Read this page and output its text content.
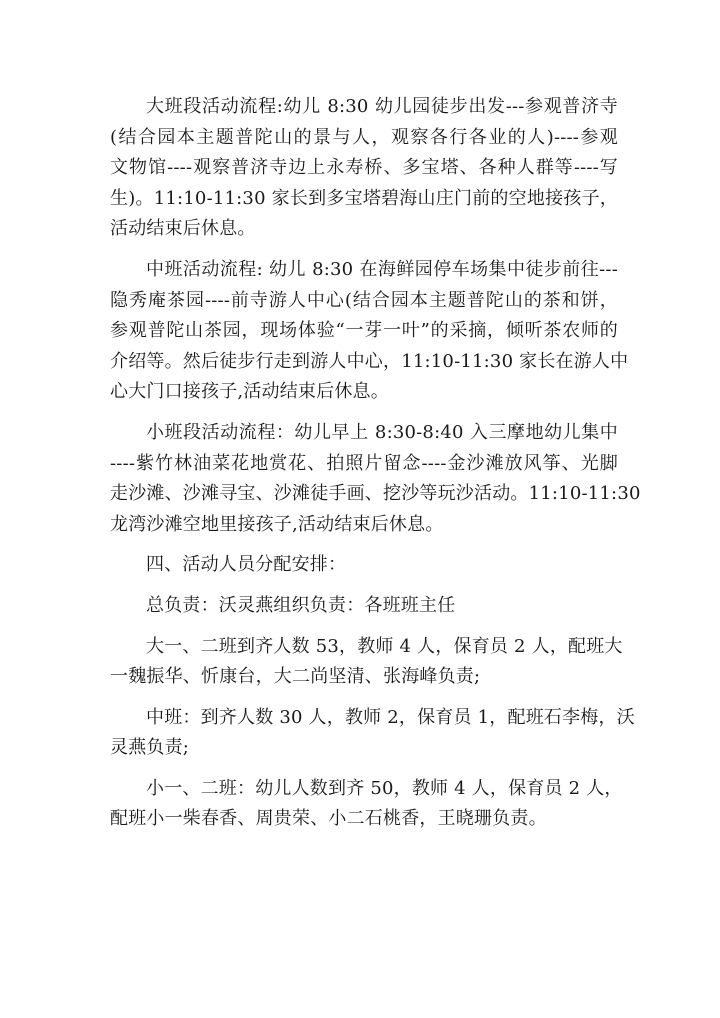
大班段活动流程:幼儿 8:30 幼儿园徒步出发---参观普济寺
(结合园本主题普陀山的景与人，观察各行各业的人)----参观
文物馆----观察普济寺边上永寿桥、多宝塔、各种人群等----写
生)。11:10-11:30 家长到多宝塔碧海山庄门前的空地接孩子，
活动结束后休息。
中班活动流程: 幼儿 8:30 在海鲜园停车场集中徒步前往---
隐秀庵茶园----前寺游人中心(结合园本主题普陀山的茶和饼，
参观普陀山茶园，现场体验“一芽一叶”的采摘，倾听茶农师的
介绍等。然后徒步行走到游人中心，11:10-11:30 家长在游人中
心大门口接孩子,活动结束后休息。
小班段活动流程：幼儿早上 8:30-8:40 入三摩地幼儿集中
----紫竹林油菜花地赏花、拍照片留念----金沙滩放风筝、光脚
走沙滩、沙滩寻宝、沙滩徒手画、挖沙等玩沙活动。11:10-11:30
龙湾沙滩空地里接孩子,活动结束后休息。
四、活动人员分配安排：
总负责：沃灵燕组织负责：各班班主任
大一、二班到齐人数 53，教师 4 人，保育员 2 人，配班大
一魏振华、忻康台，大二尚坚清、张海峰负责;
中班：到齐人数 30 人，教师 2，保育员 1，配班石李梅，沃
灵燕负责;
小一、二班：幼儿人数到齐 50，教师 4 人，保育员 2 人，
配班小一柴春香、周贵荣、小二石桃香，王晓珊负责。
